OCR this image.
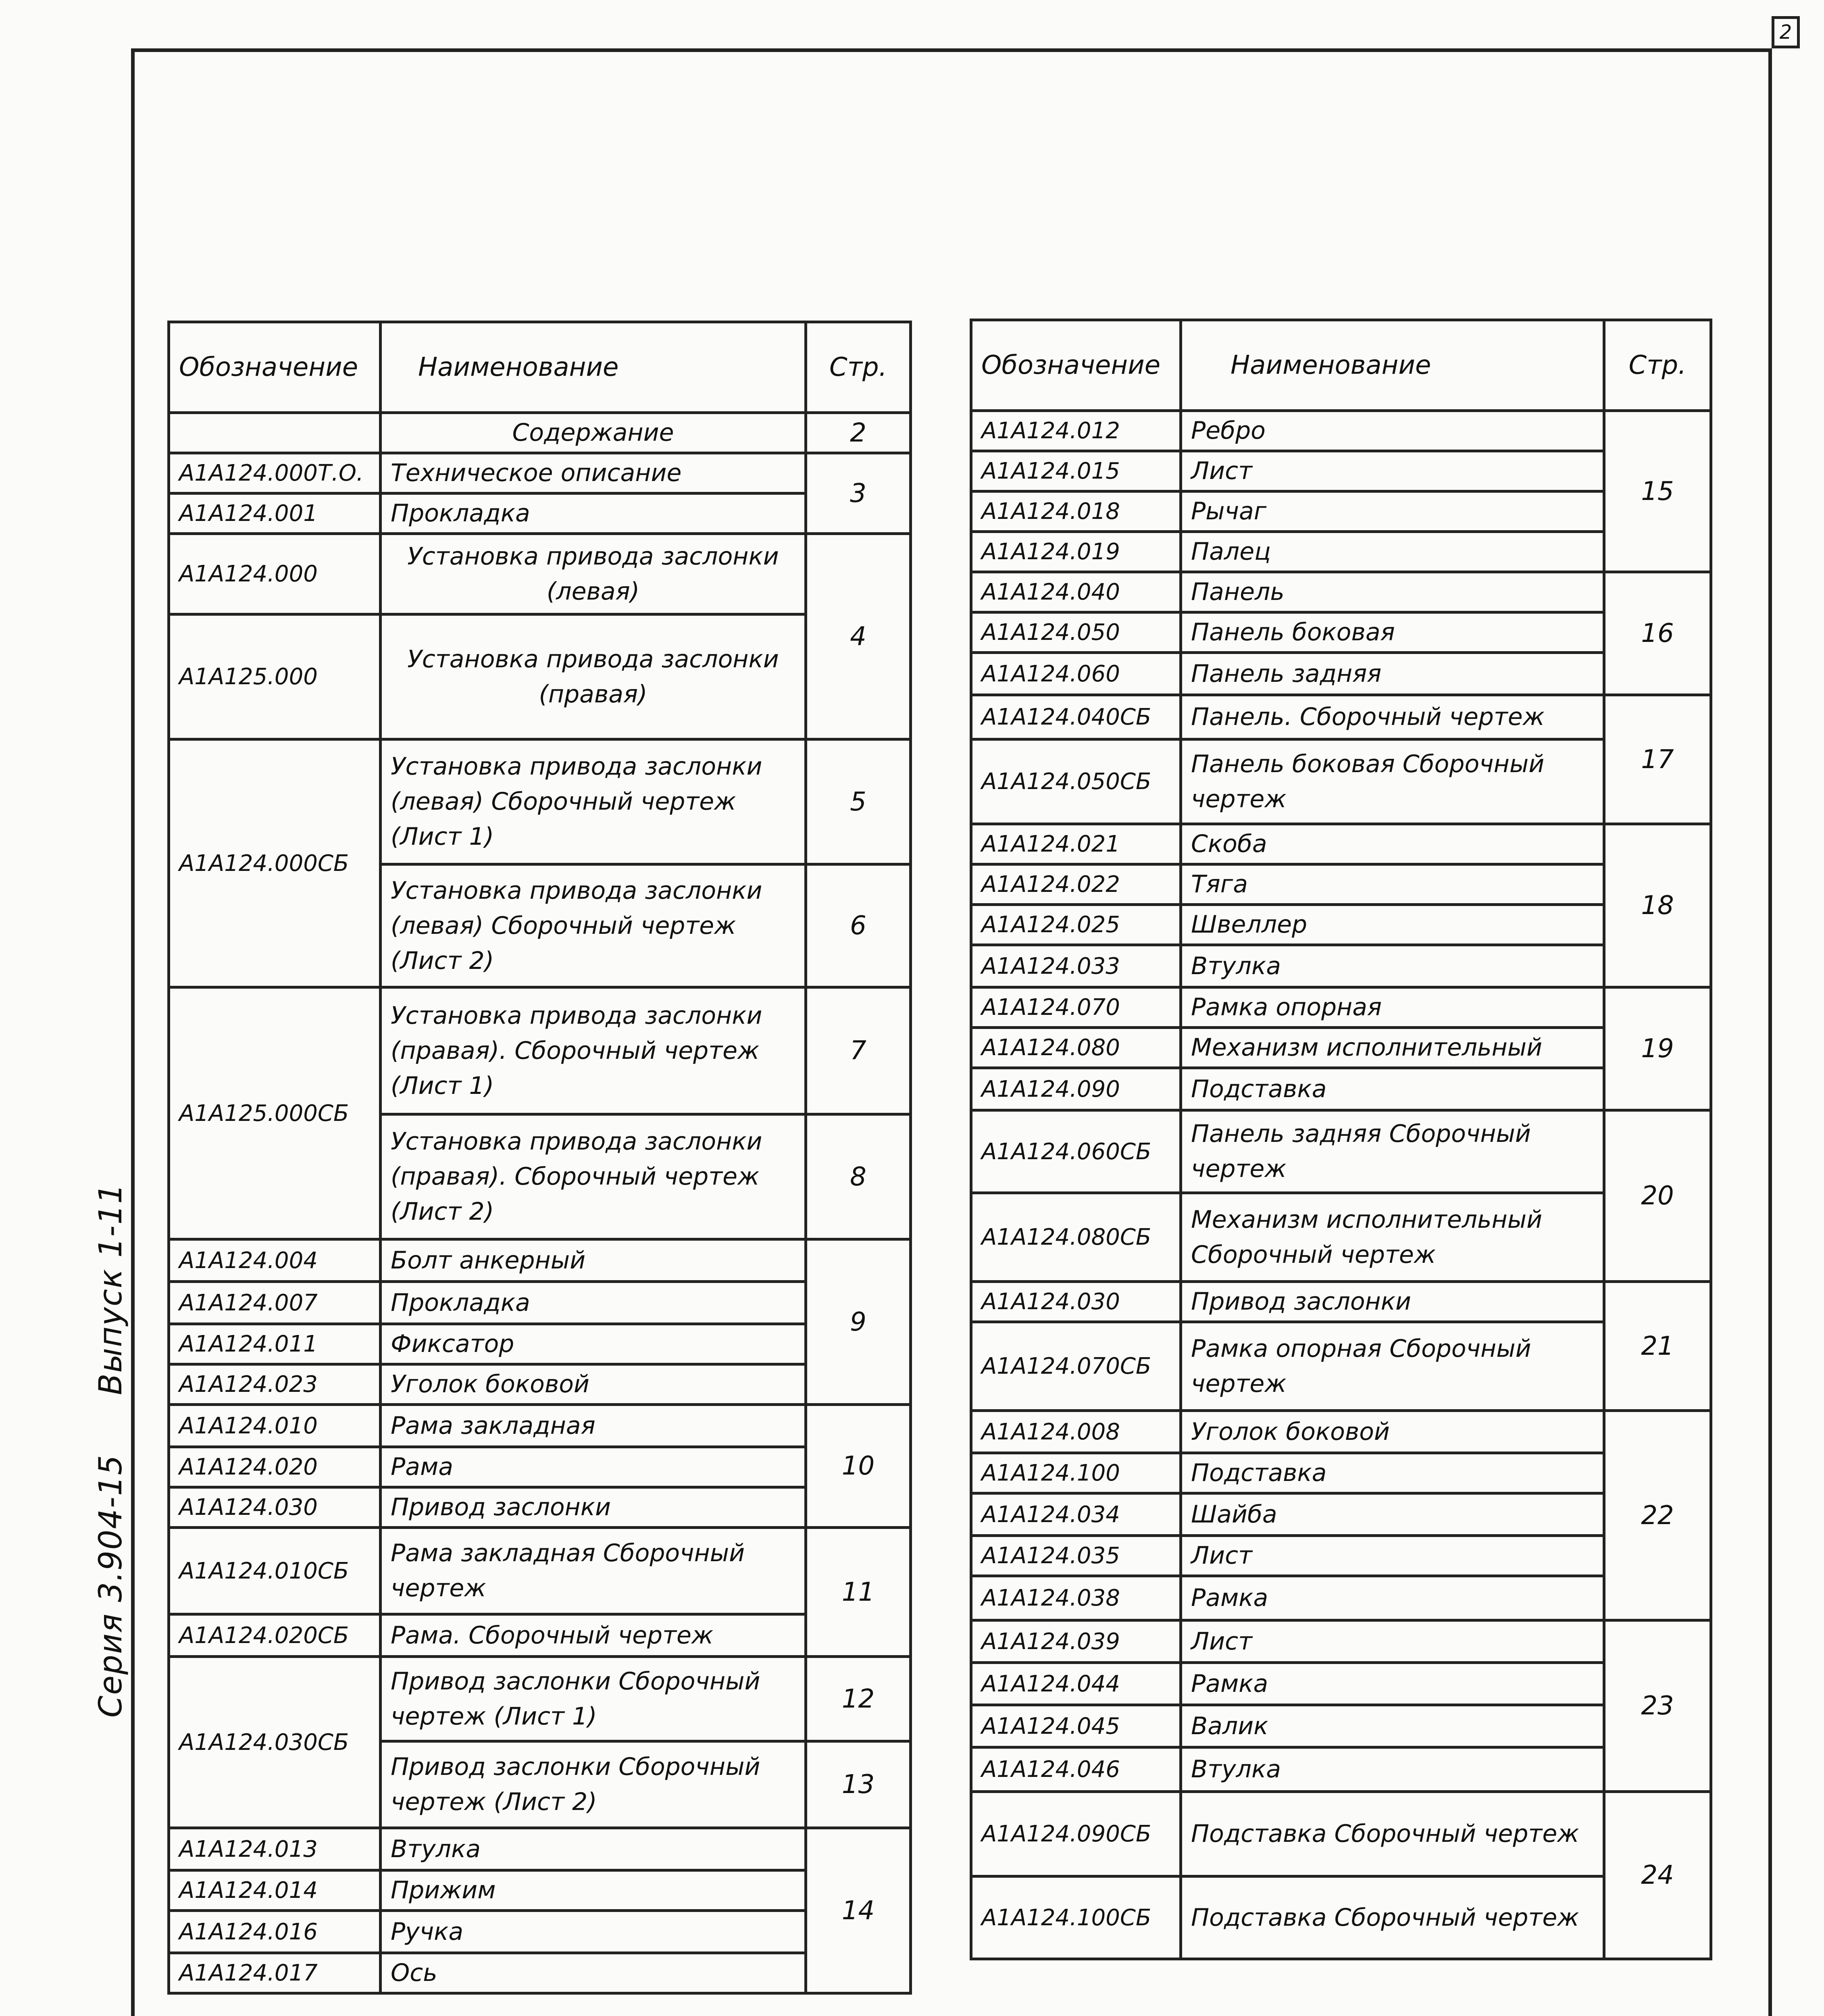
2
Серия 3.904-15 Выпуск 1-11
Обозначение	Наименование	Стр.
	Содержание	2
А1А124.000Т.О.	Техническое описание	3
А1А124.001	Прокладка	
А1А124.000	Установка привода заслонки (левая)	4
А1А125.000	Установка привода заслонки (правая)	
А1А124.000СБ	Установка привода заслонки (левая) Сборочный чертеж (Лист 1)	5
	Установка привода заслонки (левая) Сборочный чертеж (Лист 2)	6
А1А125.000СБ	Установка привода заслонки (правая). Сборочный чертеж (Лист 1)	7
	Установка привода заслонки (правая). Сборочный чертеж (Лист 2)	8
А1А124.004	Болт анкерный	9
А1А124.007	Прокладка	
А1А124.011	Фиксатор	
А1А124.023	Уголок боковой	
А1А124.010	Рама закладная	10
А1А124.020	Рама	
А1А124.030	Привод заслонки	
А1А124.010СБ	Рама закладная Сборочный чертеж	11
А1А124.020СБ	Рама. Сборочный чертеж	
А1А124.030СБ	Привод заслонки Сборочный чертеж (Лист 1)	12
	Привод заслонки Сборочный чертеж (Лист 2)	13
А1А124.013	Втулка	14
А1А124.014	Прижим	
А1А124.016	Ручка	
А1А124.017	Ось	
Обозначение	Наименование	Стр.
А1А124.012	Ребро	15
А1А124.015	Лист	
А1А124.018	Рычаг	
А1А124.019	Палец	
А1А124.040	Панель	16
А1А124.050	Панель боковая	
А1А124.060	Панель задняя	
А1А124.040СБ	Панель. Сборочный чертеж	17
А1А124.050СБ	Панель боковая Сборочный чертеж	
А1А124.021	Скоба	18
А1А124.022	Тяга	
А1А124.025	Швеллер	
А1А124.033	Втулка	
А1А124.070	Рамка опорная	19
А1А124.080	Механизм исполнительный	
А1А124.090	Подставка	
А1А124.060СБ	Панель задняя Сборочный чертеж	20
А1А124.080СБ	Механизм исполнительный Сборочный чертеж	
А1А124.030	Привод заслонки	21
А1А124.070СБ	Рамка опорная Сборочный чертеж	
А1А124.008	Уголок боковой	22
А1А124.100	Подставка	
А1А124.034	Шайба	
А1А124.035	Лист	
А1А124.038	Рамка	
А1А124.039	Лист	23
А1А124.044	Рамка	
А1А124.045	Валик	
А1А124.046	Втулка	
А1А124.090СБ	Подставка Сборочный чертеж	24
А1А124.100СБ	Подставка Сборочный чертеж	
